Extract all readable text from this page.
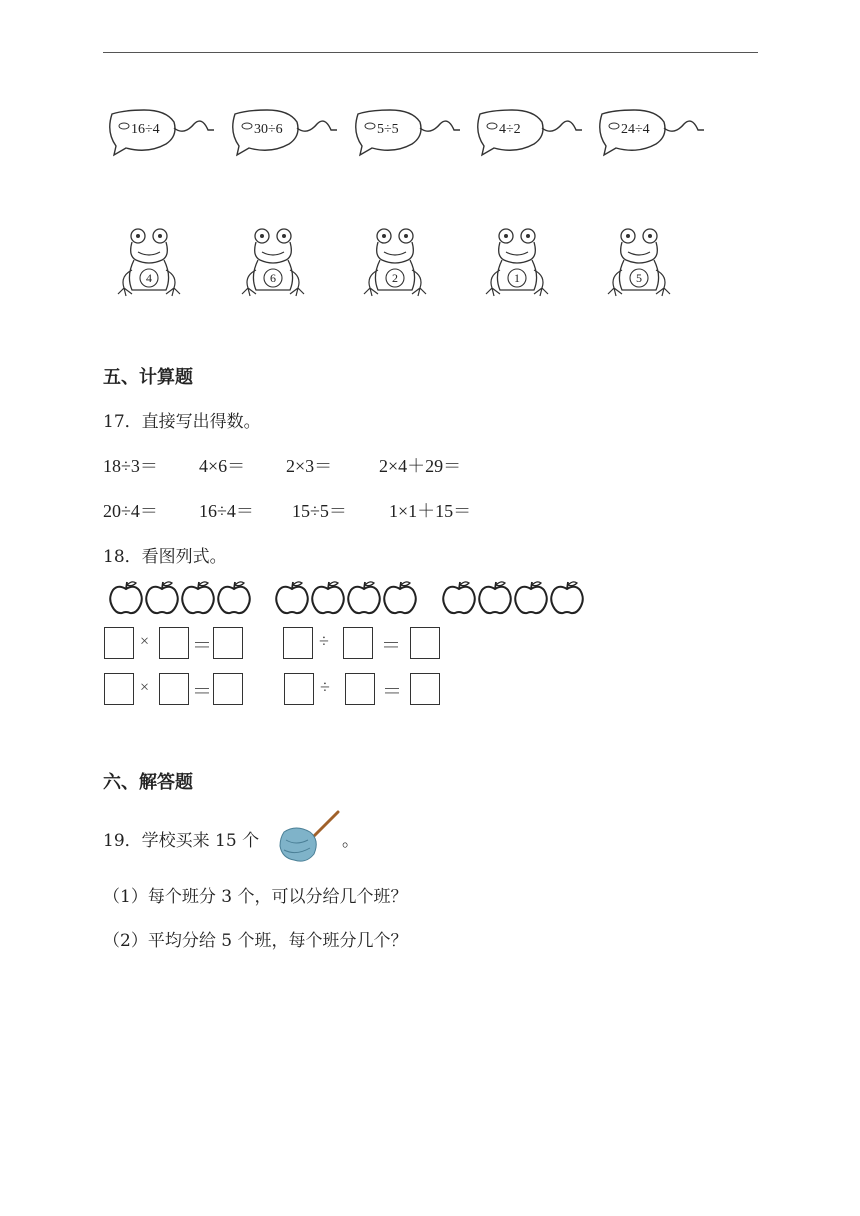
16÷4	30÷6	5÷5	4÷2	24÷4
4	6	2	1	5
五、计算题
17．直接写出得数。
18÷3＝ 4×6＝ 2×3＝	2×4＋29＝
20÷4＝ 16÷4＝ 15÷5＝ 1×1＋15＝
18．看图列式。
× ＝	÷	＝
× ＝	÷	＝
六、解答题
19．学校买来 15 个	。
（1）每个班分 3 个，可以分给几个班？
（2）平均分给 5 个班，每个班分几个？
